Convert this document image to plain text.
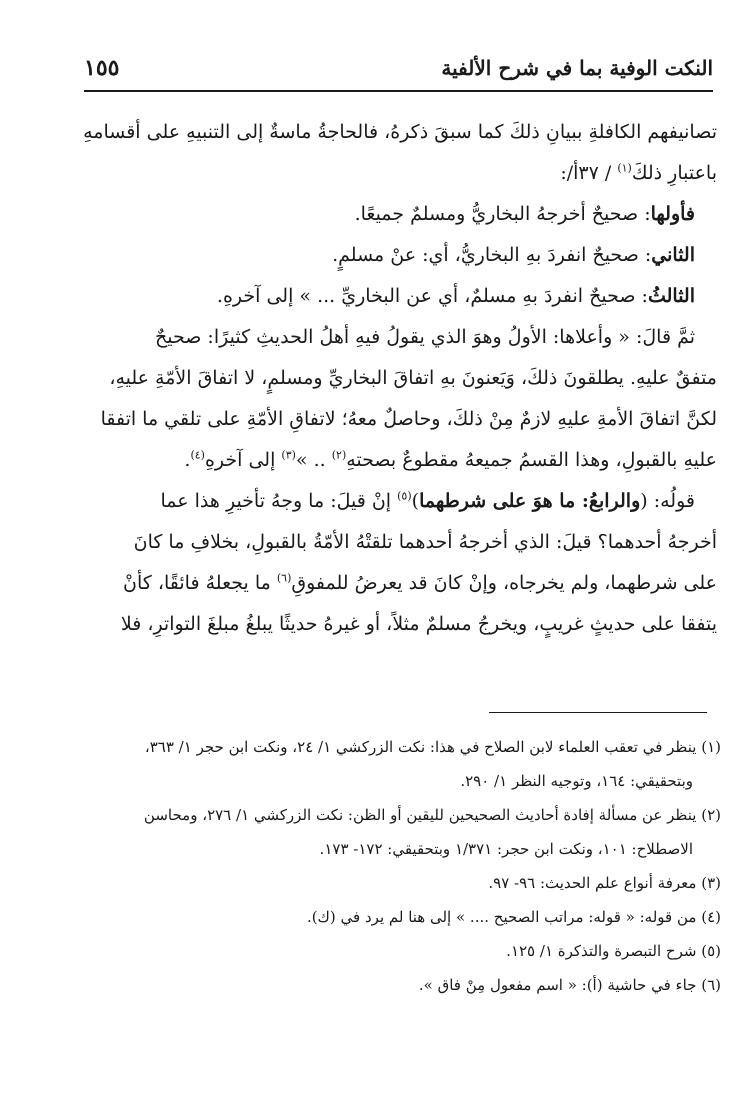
النكت الوفية بما في شرح الألفية
١٥٥

تصانيفهم الكافلةِ ببيانِ ذلكَ كما سبقَ ذكرهُ، فالحاجةُ ماسةٌ إلى التنبيهِ على أقسامهِ

باعتبارِ ذلكَ$^{(١)}$ / ٣٧أ/:

فأولها: صحيحٌ أخرجهُ البخاريُّ ومسلمٌ جميعًا.

الثاني: صحيحٌ انفردَ بهِ البخاريُّ، أي: عنْ مسلمٍ.

الثالثُ: صحيحٌ انفردَ بهِ مسلمٌ، أي عن البخاريِّ ... » إلى آخرهِ.

ثمَّ قالَ: « وأعلاها: الأولُ وهوَ الذي يقولُ فيهِ أهلُ الحديثِ كثيرًا: صحيحٌ

متفقٌ عليهِ. يطلقونَ ذلكَ، وَيَعنونَ بهِ اتفاقَ البخاريِّ ومسلمٍ، لا اتفاقَ الأمّةِ عليهِ،

لكنَّ اتفاقَ الأمةِ عليهِ لازمٌ مِنْ ذلكَ، وحاصلٌ معهُ؛ لاتفاقِ الأمّةِ على تلقي ما اتفقا

عليهِ بالقبولِ، وهذا القسمُ جميعهُ مقطوعٌ بصحتهِ$^{(٢)}$ .. »$^{(٣)}$ إلى آخرهِ$^{(٤)}$.

قولُه: (والرابعُ: ما هوَ على شرطهما)$^{(٥)}$ إنْ قيلَ: ما وجهُ تأخيرِ هذا عما

أخرجهُ أحدهما؟ قيلَ: الذي أخرجهُ أحدهما تلقتْهُ الأمّةُ بالقبولِ، بخلافِ ما كانَ

على شرطهما، ولم يخرجاه، وإنْ كانَ قد يعرضُ للمفوقِ$^{(٦)}$ ما يجعلهُ فائقًا، كأنْ

يتفقا على حديثٍ غريبٍ، ويخرجُ مسلمٌ مثلاً، أو غيرهُ حديثًا يبلغُ مبلغَ التواترِ، فلا

(١) ينظر في تعقب العلماء لابن الصلاح في هذا: نكت الزركشي ١/ ٢٤، ونكت ابن حجر ١/ ٣٦٣،

وبتحقيقي: ١٦٤، وتوجيه النظر ١/ ٢٩٠.

(٢) ينظر عن مسألة إفادة أحاديث الصحيحين لليقين أو الظن: نكت الزركشي ١/ ٢٧٦، ومحاسن

الاصطلاح: ١٠١، ونكت ابن حجر: ١/٣٧١ وبتحقيقي: ١٧٢- ١٧٣.

(٣) معرفة أنواع علم الحديث: ٩٦- ٩٧.

(٤) من قوله: « قوله: مراتب الصحيح .... » إلى هنا لم يرد في (ك).

(٥) شرح التبصرة والتذكرة ١/ ١٢٥.

(٦) جاء في حاشية (أ): « اسم مفعول مِنْ فاق ».
